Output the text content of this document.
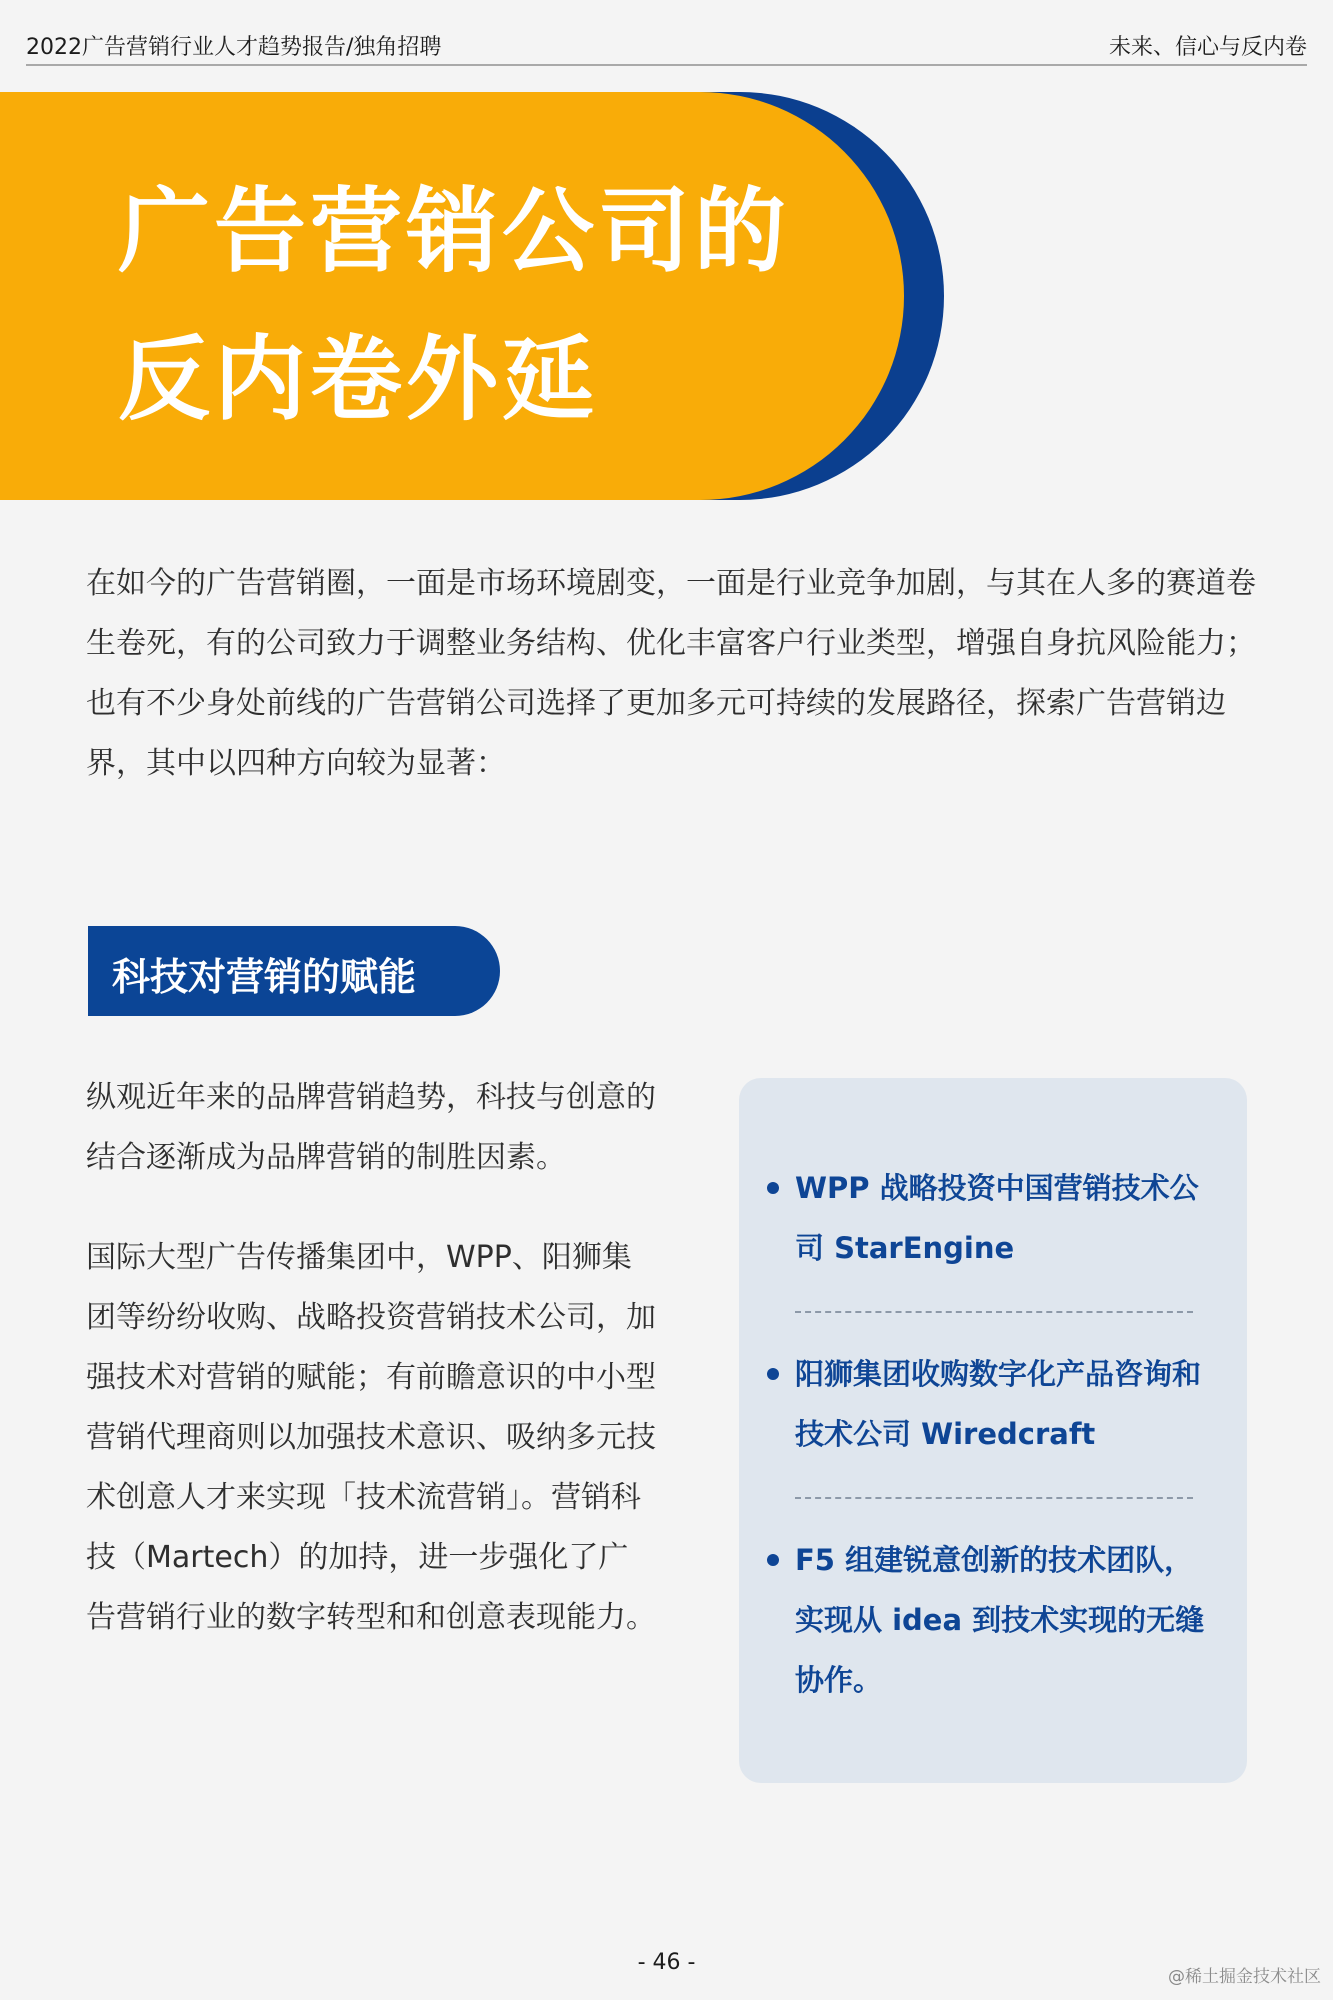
2022广告营销行业人才趋势报告/独角招聘	未来、信心与反内卷
广告营销公司的
反内卷外延
在如今的广告营销圈，一面是市场环境剧变，一面是行业竞争加剧，与其在人多的赛道卷生卷死，有的公司致力于调整业务结构、优化丰富客户行业类型，增强自身抗风险能力；也有不少身处前线的广告营销公司选择了更加多元可持续的发展路径，探索广告营销边界，其中以四种方向较为显著：
科技对营销的赋能

纵观近年来的品牌营销趋势，科技与创意的结合逐渐成为品牌营销的制胜因素。

国际大型广告传播集团中，WPP、阳狮集团等纷纷收购、战略投资营销技术公司，加强技术对营销的赋能；有前瞻意识的中小型营销代理商则以加强技术意识、吸纳多元技术创意人才来实现「技术流营销」。营销科技（Martech）的加持，进一步强化了广告营销行业的数字转型和和创意表现能力。

WPP 战略投资中国营销技术公司 StarEngine
阳狮集团收购数字化产品咨询和技术公司 Wiredcraft
F5 组建锐意创新的技术团队，实现从 idea 到技术实现的无缝协作。
- 46 -
@稀土掘金技术社区
